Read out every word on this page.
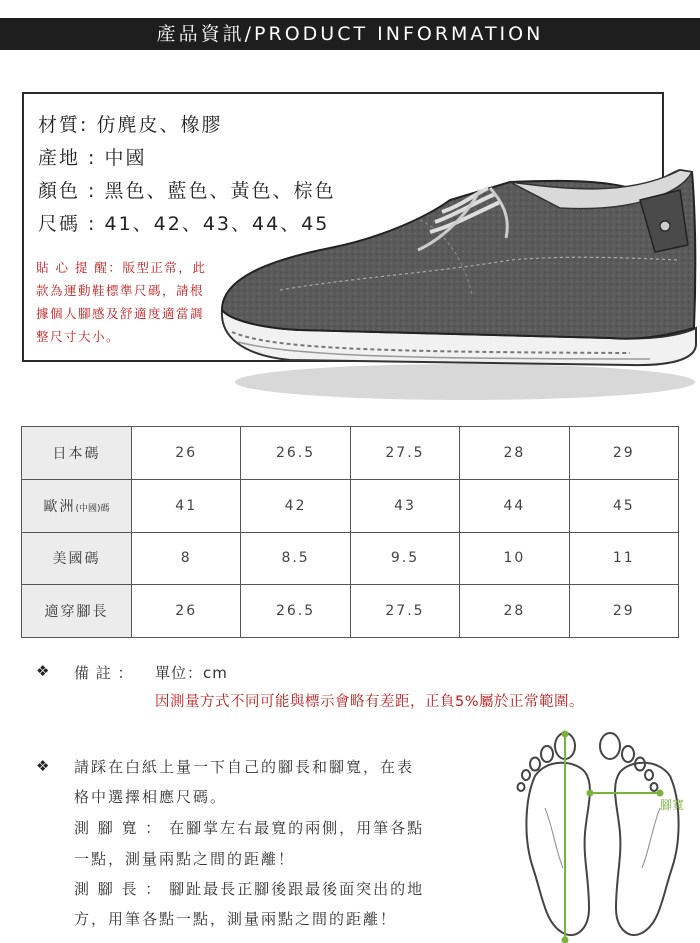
產品資訊/PRODUCT INFORMATION
材質: 仿麂皮、橡膠
產地 : 中國
顏色 : 黑色、藍色、黃色、棕色
尺碼 : 41、42、43、44、45
貼 心 提 醒：版型正常，此
款為運動鞋標準尺碼，請根
據個人腳感及舒適度適當調
整尺寸大小。
日本碼	26	26.5	27.5	28	29
歐洲(中國)碼	41	42	43	44	45
美國碼	8	8.5	9.5	10	11
適穿腳長	26	26.5	27.5	28	29
❖ 備 註 ： 單位：cm
因測量方式不同可能與標示會略有差距，正負5%屬於正常範圍。
❖ 請踩在白紙上量一下自己的腳長和腳寬，在表
格中選擇相應尺碼。
測 腳 寬 ： 在腳掌左右最寬的兩側，用筆各點
一點，測量兩點之間的距離！
測 腳 長 ： 腳趾最長正腳後跟最後面突出的地
方，用筆各點一點，測量兩點之間的距離！
腳寬
